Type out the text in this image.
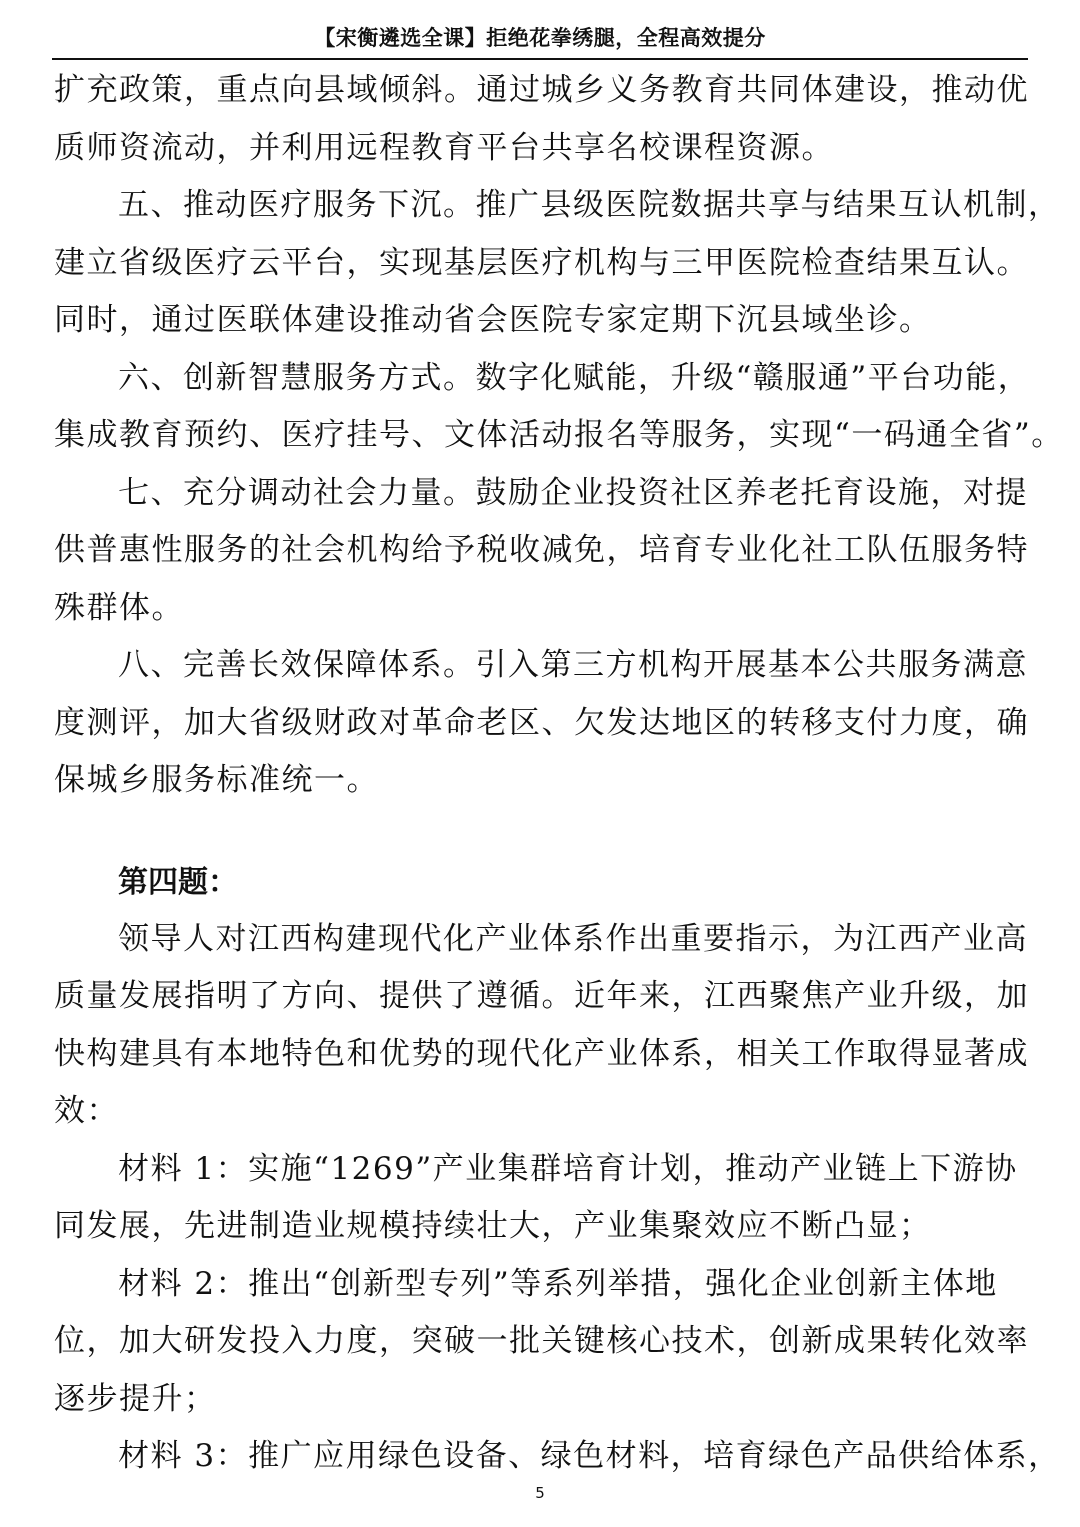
【宋衡遴选全课】拒绝花拳绣腿，全程高效提分
扩充政策，重点向县域倾斜。通过城乡义务教育共同体建设，推动优
质师资流动，并利用远程教育平台共享名校课程资源。
五、推动医疗服务下沉。推广县级医院数据共享与结果互认机制，
建立省级医疗云平台，实现基层医疗机构与三甲医院检查结果互认。
同时，通过医联体建设推动省会医院专家定期下沉县域坐诊。
六、创新智慧服务方式。数字化赋能，升级“赣服通”平台功能，
集成教育预约、医疗挂号、文体活动报名等服务，实现“一码通全省”。
七、充分调动社会力量。鼓励企业投资社区养老托育设施，对提
供普惠性服务的社会机构给予税收减免，培育专业化社工队伍服务特
殊群体。
八、完善长效保障体系。引入第三方机构开展基本公共服务满意
度测评，加大省级财政对革命老区、欠发达地区的转移支付力度，确
保城乡服务标准统一。
第四题：
领导人对江西构建现代化产业体系作出重要指示，为江西产业高
质量发展指明了方向、提供了遵循。近年来，江西聚焦产业升级，加
快构建具有本地特色和优势的现代化产业体系，相关工作取得显著成
效：
材料 1：实施“1269”产业集群培育计划，推动产业链上下游协
同发展，先进制造业规模持续壮大，产业集聚效应不断凸显；
材料 2：推出“创新型专列”等系列举措，强化企业创新主体地
位，加大研发投入力度，突破一批关键核心技术，创新成果转化效率
逐步提升；
材料 3：推广应用绿色设备、绿色材料，培育绿色产品供给体系，
5
